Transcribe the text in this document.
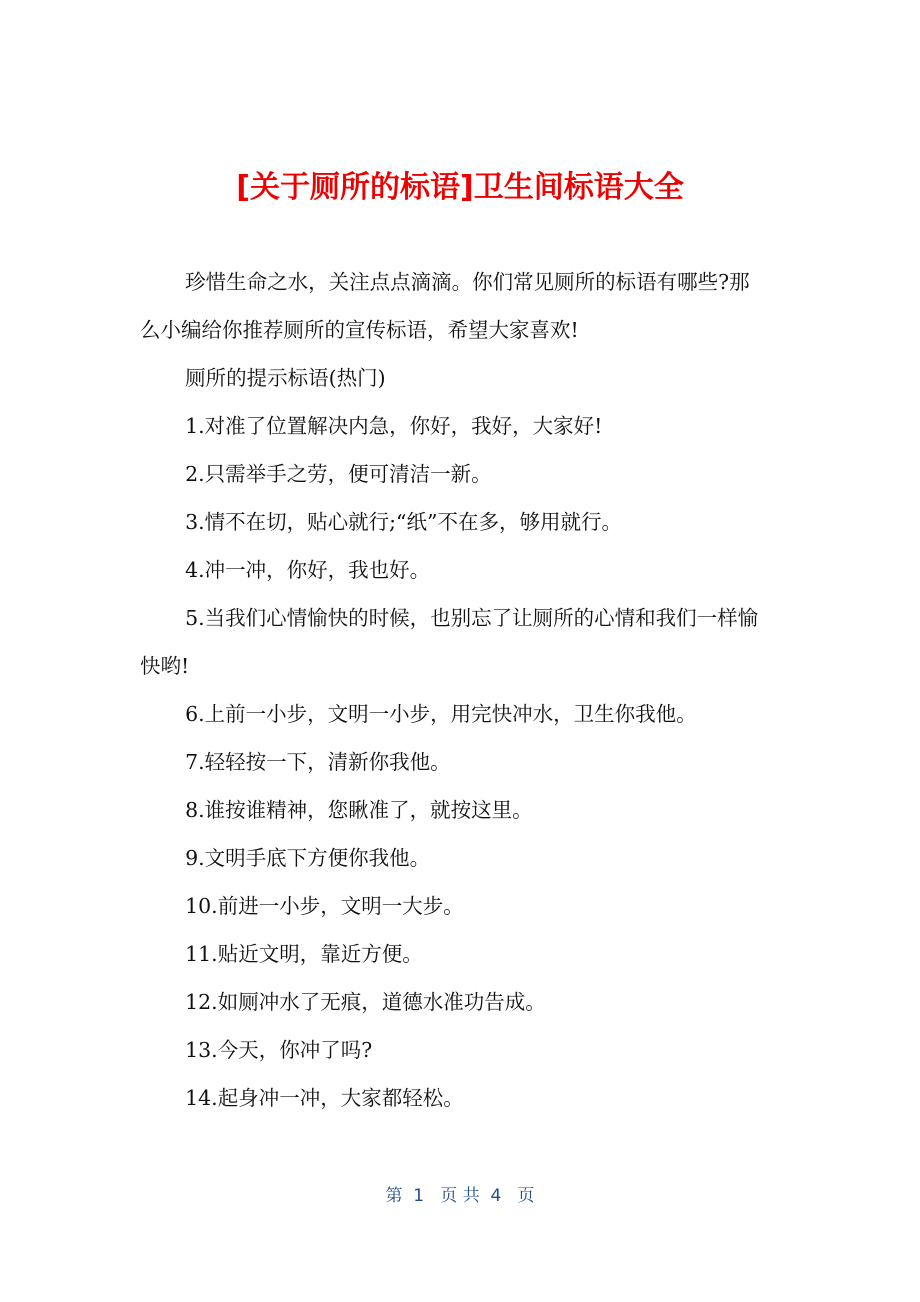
[关于厕所的标语]卫生间标语大全

珍惜生命之水，关注点点滴滴。你们常见厕所的标语有哪些?那么小编给你推荐厕所的宣传标语，希望大家喜欢!

厕所的提示标语(热门)

1.对准了位置解决内急，你好，我好，大家好!

2.只需举手之劳，便可清洁一新。

3.情不在切，贴心就行;“纸”不在多，够用就行。

4.冲一冲，你好，我也好。

5.当我们心情愉快的时候，也别忘了让厕所的心情和我们一样愉快哟!

6.上前一小步，文明一小步，用完快冲水，卫生你我他。

7.轻轻按一下，清新你我他。

8.谁按谁精神，您瞅准了，就按这里。

9.文明手底下方便你我他。

10.前进一小步，文明一大步。

11.贴近文明，靠近方便。

12.如厕冲水了无痕，道德水准功告成。

13.今天，你冲了吗?

14.起身冲一冲，大家都轻松。

第  1   页 共  4   页
